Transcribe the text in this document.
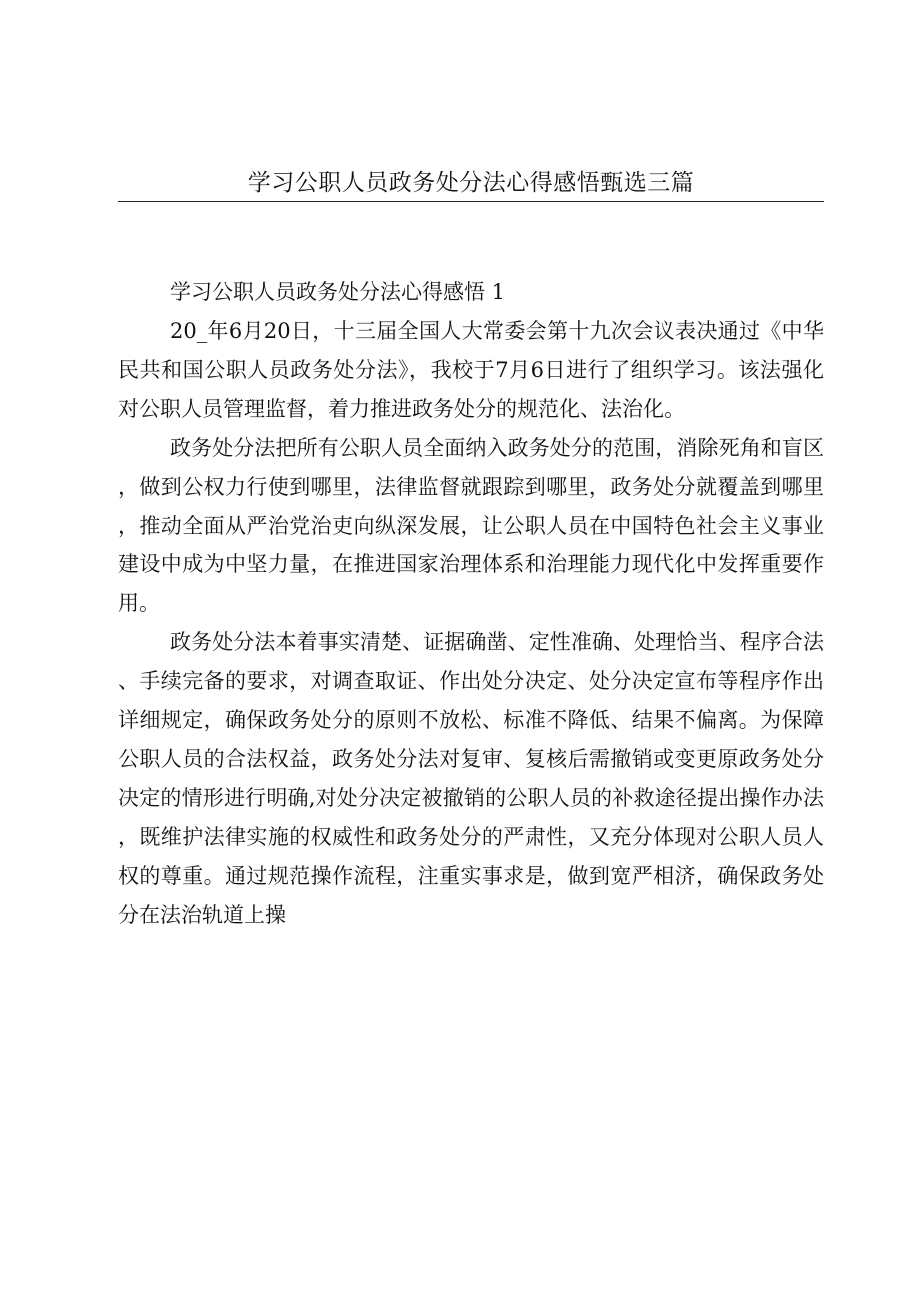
学习公职人员政务处分法心得感悟甄选三篇

学习公职人员政务处分法心得感悟 1

20_年6月20日，十三届全国人大常委会第十九次会议表决通过《中华民共和国公职人员政务处分法》，我校于7月6日进行了组织学习。该法强化对公职人员管理监督，着力推进政务处分的规范化、法治化。

政务处分法把所有公职人员全面纳入政务处分的范围，消除死角和盲区，做到公权力行使到哪里，法律监督就跟踪到哪里，政务处分就覆盖到哪里，推动全面从严治党治吏向纵深发展，让公职人员在中国特色社会主义事业建设中成为中坚力量，在推进国家治理体系和治理能力现代化中发挥重要作用。

政务处分法本着事实清楚、证据确凿、定性准确、处理恰当、程序合法、手续完备的要求，对调查取证、作出处分决定、处分决定宣布等程序作出详细规定，确保政务处分的原则不放松、标准不降低、结果不偏离。为保障公职人员的合法权益，政务处分法对复审、复核后需撤销或变更原政务处分决定的情形进行明确,对处分决定被撤销的公职人员的补救途径提出操作办法，既维护法律实施的权威性和政务处分的严肃性，又充分体现对公职人员人权的尊重。通过规范操作流程，注重实事求是，做到宽严相济，确保政务处分在法治轨道上操
